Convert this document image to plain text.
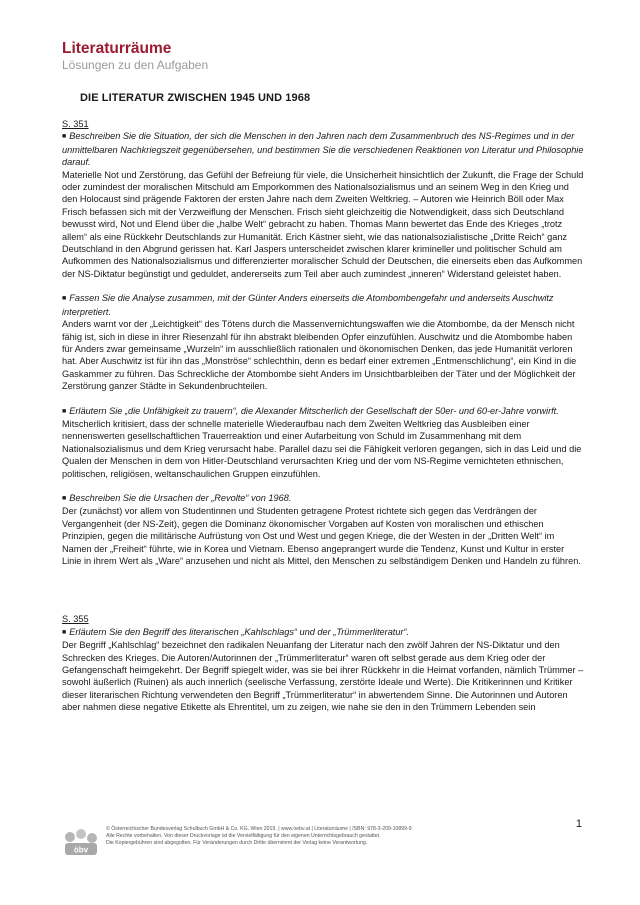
Literaturräume
Lösungen zu den Aufgaben
DIE LITERATUR ZWISCHEN 1945 UND 1968

S. 351

■ Beschreiben Sie die Situation, der sich die Menschen in den Jahren nach dem Zusammenbruch des NS-Regimes und in der unmittelbaren Nachkriegszeit gegenübersehen, und bestimmen Sie die verschiedenen Reaktionen von Literatur und Philosophie darauf.

Materielle Not und Zerstörung, das Gefühl der Befreiung für viele, die Unsicherheit hinsichtlich der Zukunft, die Frage der Schuld oder zumindest der moralischen Mitschuld am Emporkommen des Nationalsozialismus und an seinem Weg in den Krieg und den Holocaust sind prägende Faktoren der ersten Jahre nach dem Zweiten Weltkrieg. – Autoren wie Heinrich Böll oder Max Frisch befassen sich mit der Verzweiflung der Menschen. Frisch sieht gleichzeitig die Notwendigkeit, dass sich Deutschland bewusst wird, Not und Elend über die „halbe Welt“ gebracht zu haben. Thomas Mann bewertet das Ende des Krieges „trotz allem“ als eine Rückkehr Deutschlands zur Humanität. Erich Kästner sieht, wie das nationalsozialistische „Dritte Reich“ ganz Deutschland in den Abgrund gerissen hat. Karl Jaspers unterscheidet zwischen klarer krimineller und politischer Schuld am Aufkommen des Nationalsozialismus und differenzierter moralischer Schuld der Deutschen, die einerseits eben das Aufkommen der NS-Diktatur begünstigt und geduldet, andererseits zum Teil aber auch zumindest „inneren“ Widerstand geleistet haben.

■ Fassen Sie die Analyse zusammen, mit der Günter Anders einerseits die Atombombengefahr und anderseits Auschwitz interpretiert.

Anders warnt vor der „Leichtigkeit“ des Tötens durch die Massenvernichtungswaffen wie die Atombombe, da der Mensch nicht fähig ist, sich in diese in ihrer Riesenzahl für ihn abstrakt bleibenden Opfer einzufühlen. Auschwitz und die Atombombe haben für Anders zwar gemeinsame „Wurzeln“ im ausschließlich rationalen und ökonomischen Denken, das jede Humanität verloren hat. Aber Auschwitz ist für ihn das „Monströse“ schlechthin, denn es bedarf einer extremen „Entmenschlichung“, ein Kind in die Gaskammer zu führen. Das Schreckliche der Atombombe sieht Anders im Unsichtbarbleiben der Täter und der Möglichkeit der Zerstörung ganzer Städte in Sekundenbruchteilen.

■ Erläutern Sie „die Unfähigkeit zu trauern“, die Alexander Mitscherlich der Gesellschaft der 50er- und 60-er-Jahre vorwirft.

Mitscherlich kritisiert, dass der schnelle materielle Wiederaufbau nach dem Zweiten Weltkrieg das Ausbleiben einer nennenswerten gesellschaftlichen Trauerreaktion und einer Aufarbeitung von Schuld im Zusammenhang mit dem Nationalsozialismus und dem Krieg verursacht habe. Parallel dazu sei die Fähigkeit verloren gegangen, sich in das Leid und die Qualen der Menschen in dem von Hitler-Deutschland verursachten Krieg und der vom NS-Regime vernichteten ethnischen, politischen, religiösen, weltanschaulichen Gruppen einzufühlen.

■ Beschreiben Sie die Ursachen der „Revolte“ von 1968.

Der (zunächst) vor allem von Studentinnen und Studenten getragene Protest richtete sich gegen das Verdrängen der Vergangenheit (der NS-Zeit), gegen die Dominanz ökonomischer Vorgaben auf Kosten von moralischen und ethischen Prinzipien, gegen die militärische Aufrüstung von Ost und West und gegen Kriege, die der Westen in der „Dritten Welt“ im Namen der „Freiheit“ führte, wie in Korea und Vietnam. Ebenso angeprangert wurde die Tendenz, Kunst und Kultur in erster Linie in ihrem Wert als „Ware“ anzusehen und nicht als Mittel, den Menschen zu selbständigem Denken und Handeln zu führen.

S. 355

■ Erläutern Sie den Begriff des literarischen „Kahlschlags“ und der „Trümmerliteratur“.

Der Begriff „Kahlschlag“ bezeichnet den radikalen Neuanfang der Literatur nach den zwölf Jahren der NS-Diktatur und den Schrecken des Krieges. Die Autoren/Autorinnen der „Trümmerliteratur“ waren oft selbst gerade aus dem Krieg oder der Gefangenschaft heimgekehrt. Der Begriff spiegelt wider, was sie bei ihrer Rückkehr in die Heimat vorfanden, nämlich Trümmer – sowohl äußerlich (Ruinen) als auch innerlich (seelische Verfassung, zerstörte Ideale und Werte). Die Kritikerinnen und Kritiker dieser literarischen Richtung verwendeten den Begriff „Trümmerliteratur“ in abwertendem Sinne. Die Autorinnen und Autoren aber nahmen diese negative Etikette als Ehrentitel, um zu zeigen, wie nahe sie den in den Trümmern Lebenden sein

1
öbv
© Österreichischer Bundesverlag Schulbuch GmbH & Co. KG, Wien 2019. | www.oebv.at | Literaturräume | ISBN: 978-3-209-10899-9
Alle Rechte vorbehalten. Von dieser Druckvorlage ist die Vervielfältigung für den eigenen Unterrichtsgebrauch gestattet.
Die Kopiergebühren sind abgegolten. Für Veränderungen durch Dritte übernimmt der Verlag keine Verantwortung.
